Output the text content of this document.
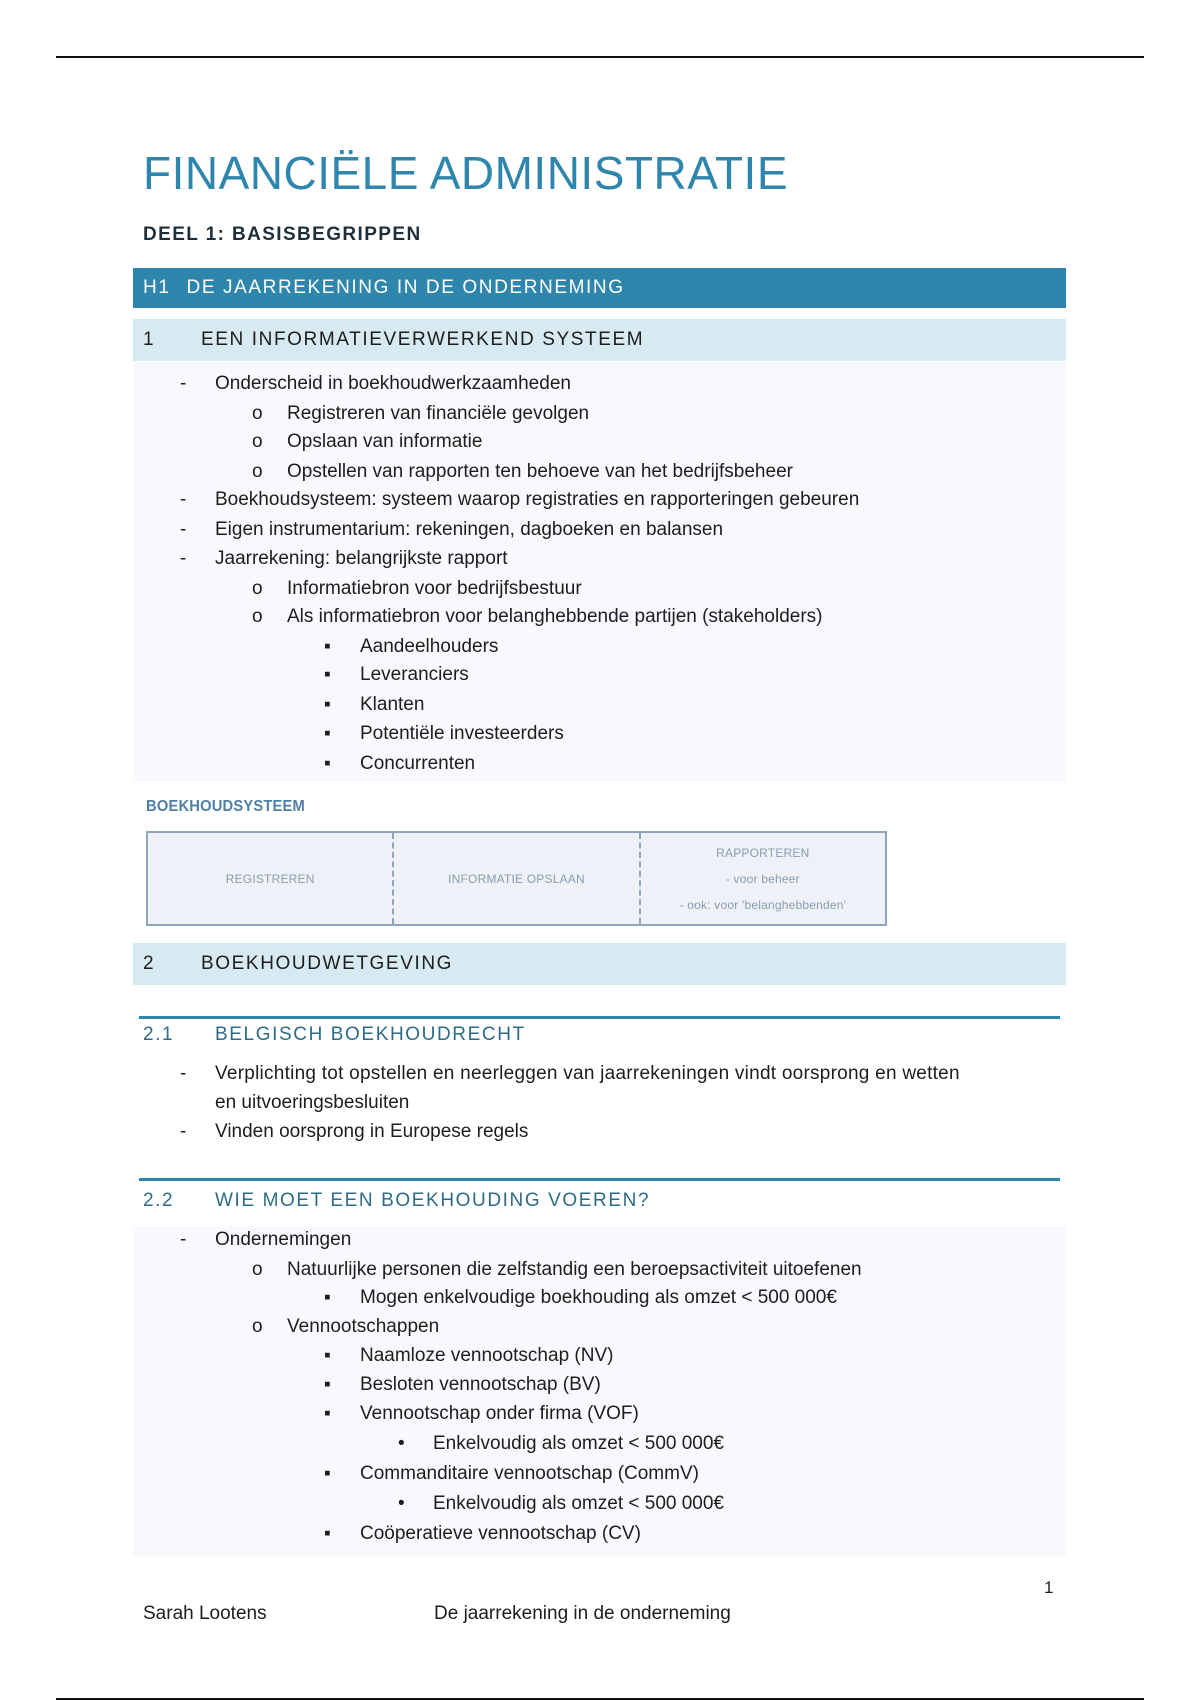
FINANCIËLE ADMINISTRATIE
DEEL 1: BASISBEGRIPPEN
H1 DE JAARREKENING IN DE ONDERNEMING
1	EEN INFORMATIEVERWERKEND SYSTEEM
- Onderscheid in boekhoudwerkzaamheden
o Registreren van financiële gevolgen
o Opslaan van informatie
o Opstellen van rapporten ten behoeve van het bedrijfsbeheer
- Boekhoudsysteem: systeem waarop registraties en rapporteringen gebeuren
- Eigen instrumentarium: rekeningen, dagboeken en balansen
- Jaarrekening: belangrijkste rapport
o Informatiebron voor bedrijfsbestuur
o Als informatiebron voor belanghebbende partijen (stakeholders)
▪ Aandeelhouders
▪ Leveranciers
▪ Klanten
▪ Potentiële investeerders
▪ Concurrenten
BOEKHOUDSYSTEEM
REGISTREREN	INFORMATIE OPSLAAN
RAPPORTEREN
- voor beheer
- ook: voor 'belanghebbenden'
2	BOEKHOUDWETGEVING
2.1 BELGISCH BOEKHOUDRECHT
- Verplichting tot opstellen en neerleggen van jaarrekeningen vindt oorsprong en wetten
en uitvoeringsbesluiten
- Vinden oorsprong in Europese regels
2.2 WIE MOET EEN BOEKHOUDING VOEREN?
- Ondernemingen
o Natuurlijke personen die zelfstandig een beroepsactiviteit uitoefenen
▪ Mogen enkelvoudige boekhouding als omzet < 500 000€
o Vennootschappen
▪ Naamloze vennootschap (NV)
▪ Besloten vennootschap (BV)
▪ Vennootschap onder firma (VOF)
• Enkelvoudig als omzet < 500 000€
▪ Commanditaire vennootschap (CommV)
• Enkelvoudig als omzet < 500 000€
▪ Coöperatieve vennootschap (CV)
1
Sarah Lootens	De jaarrekening in de onderneming
